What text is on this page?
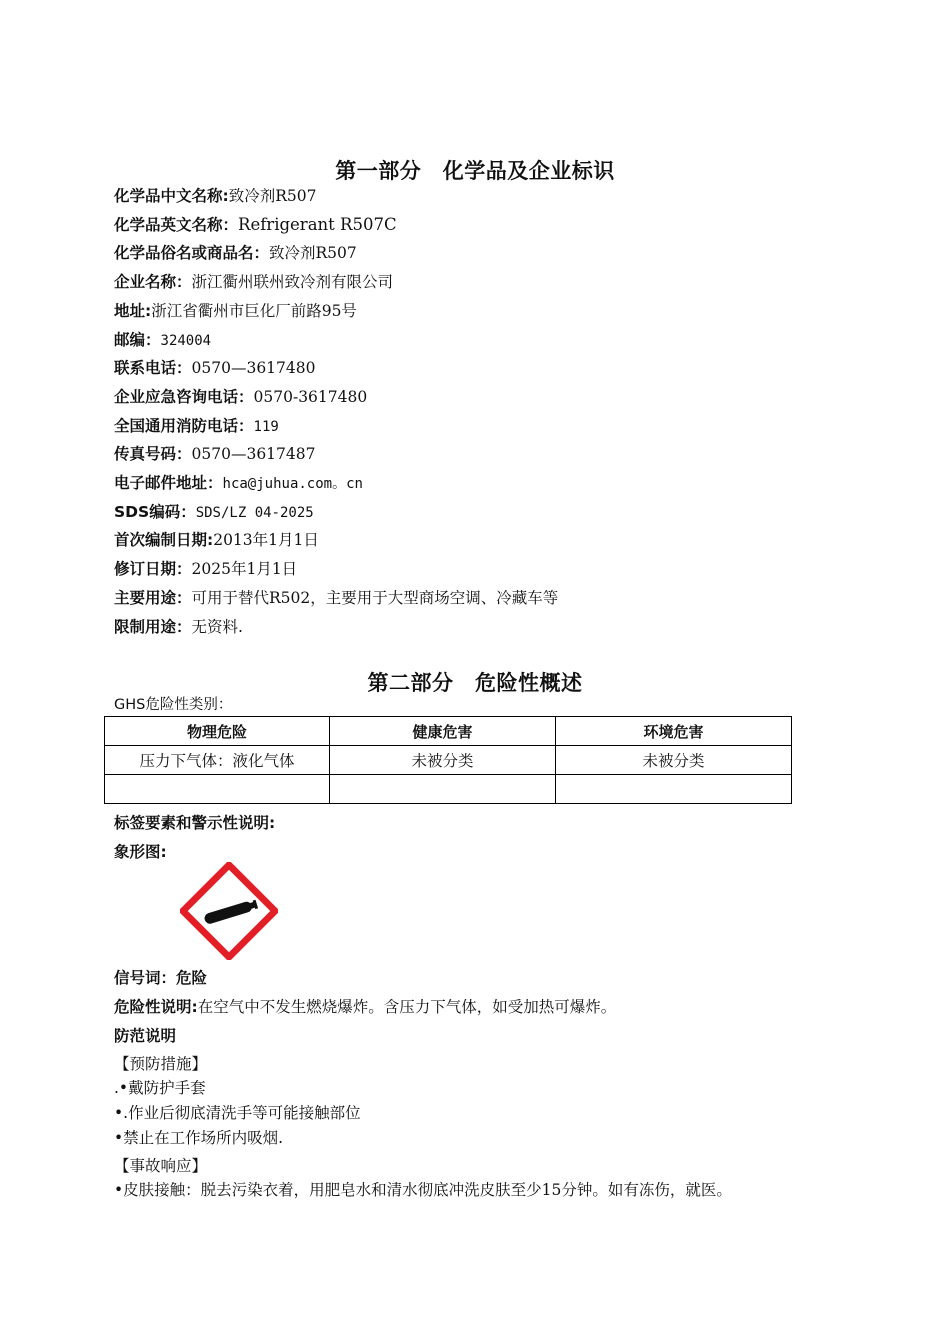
第一部分　化学品及企业标识
化学品中文名称:致冷剂R507
化学品英文名称：Refrigerant R507C
化学品俗名或商品名：致冷剂R507
企业名称：浙江衢州联州致冷剂有限公司
地址:浙江省衢州市巨化厂前路95号
邮编：324004
联系电话：0570—3617480
企业应急咨询电话：0570-3617480
全国通用消防电话：119
传真号码：0570—3617487
电子邮件地址：hca@juhua.com。cn
SDS编码：SDS/LZ 04-2025
首次编制日期:2013年1月1日
修订日期：2025年1月1日
主要用途：可用于替代R502，主要用于大型商场空调、冷藏车等
限制用途：无资料.
第二部分　危险性概述
GHS危险性类别：
物理危险	健康危害	环境危害
压力下气体：液化气体	未被分类	未被分类

标签要素和警示性说明:
象形图:
信号词：危险
危险性说明:在空气中不发生燃烧爆炸。含压力下气体，如受加热可爆炸。
防范说明
【预防措施】
.•戴防护手套
•.作业后彻底清洗手等可能接触部位
•禁止在工作场所内吸烟.
【事故响应】
•皮肤接触：脱去污染衣着，用肥皂水和清水彻底冲洗皮肤至少15分钟。如有冻伤，就医。
